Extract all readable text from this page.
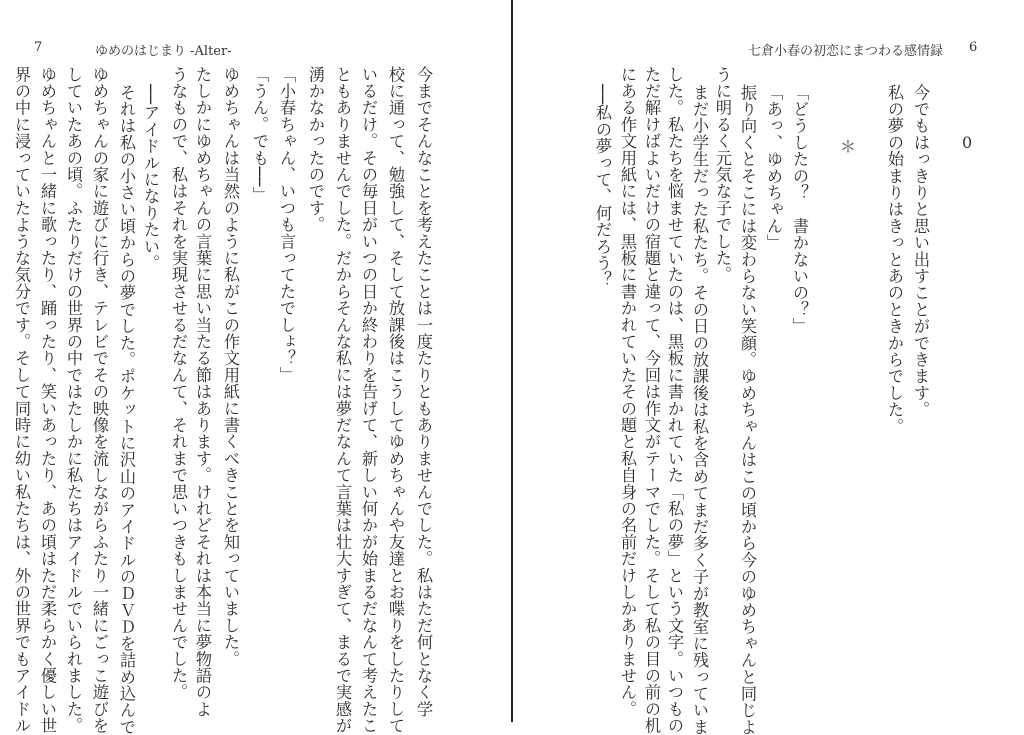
7	ゆめのはじまり -Alter-
今までそんなことを考えたことは一度たりともありませんでした。私はただ何となく学
校に通って、勉強して、そして放課後はこうしてゆめちゃんや友達とお喋りをしたりして
いるだけ。その毎日がいつの日か終わりを告げて、新しい何かが始まるだなんて考えたこ
ともありませんでした。だからそんな私には夢だなんて言葉は壮大すぎて、まるで実感が
湧かなかったのです。
「小春ちゃん、いつも言ってたでしょ？」
「うん。でも──」
ゆめちゃんは当然のように私がこの作文用紙に書くべきことを知っていました。
たしかにゆめちゃんの言葉に思い当たる節はあります。けれどそれは本当に夢物語のよ
うなもので、私はそれを実現させるだなんて、それまで思いつきもしませんでした。
──アイドルになりたい。
それは私の小さい頃からの夢でした。ポケットに沢山のアイドルのＤＶＤを詰め込んで
ゆめちゃんの家に遊びに行き、テレビでその映像を流しながらふたり一緒にごっこ遊びを
していたあの頃。ふたりだけの世界の中ではたしかに私たちはアイドルでいられました。
ゆめちゃんと一緒に歌ったり、踊ったり、笑いあったり、あの頃はただ柔らかく優しい世
界の中に浸っていたような気分です。そして同時に幼い私たちは、外の世界でもアイドル
七倉小春の初恋にまつわる感情録 6
0
＊	今でもはっきりと思い出すことができます。
私の夢の始まりはきっとあのときからでした。
「どうしたの？　書かないの？」
「あっ、ゆめちゃん」
振り向くとそこには変わらない笑顔。ゆめちゃんはこの頃から今のゆめちゃんと同じよ
うに明るく元気な子でした。
まだ小学生だった私たち。その日の放課後は私を含めてまだ多く子が教室に残っていま
した。私たちを悩ませていたのは、黒板に書かれていた「私の夢」という文字。いつもの
ただ解けばよいだけの宿題と違って、今回は作文がテーマでした。そして私の目の前の机
にある作文用紙には、黒板に書かれていたその題と私自身の名前だけしかありません。
──私の夢って、何だろう？
